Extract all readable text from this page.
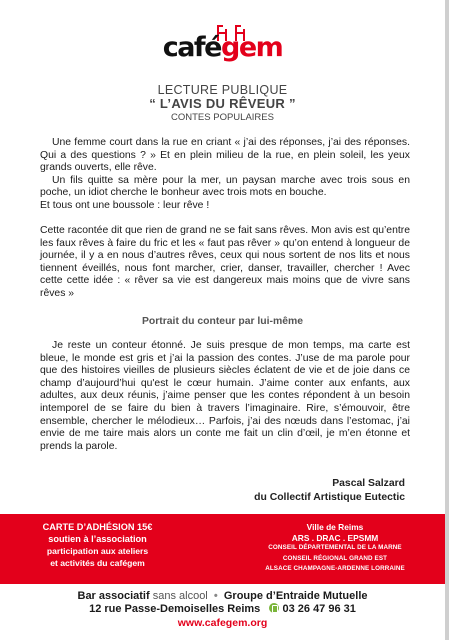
cafégem
LECTURE PUBLIQUE
“ L’AVIS DU RÊVEUR ”
CONTES POPULAIRES

Une femme court dans la rue en criant « j’ai des réponses, j’ai des réponses. Qui a des questions ? » Et en plein milieu de la rue, en plein soleil, les yeux grands ouverts, elle rêve.

Un fils quitte sa mère pour la mer, un paysan marche avec trois sous en poche, un idiot cherche le bonheur avec trois mots en bouche.

Et tous ont une boussole : leur rêve !

Cette racontée dit que rien de grand ne se fait sans rêves. Mon avis est qu’entre les faux rêves à faire du fric et les « faut pas rêver » qu’on entend à longueur de journée, il y a en nous d’autres rêves, ceux qui nous sortent de nos lits et nous tiennent éveillés, nous font marcher, crier, danser, travailler, chercher ! Avec cette cette idée : « rêver sa vie est dangereux mais moins que de vivre sans rêves »

Portrait du conteur par lui-même

Je reste un conteur étonné. Je suis presque de mon temps, ma carte est bleue, le monde est gris et j’ai la passion des contes. J’use de ma parole pour que des histoires vieilles de plusieurs siècles éclatent de vie et de joie dans ce champ d’aujourd’hui qu'est le cœur humain. J’aime conter aux enfants, aux adultes, aux deux réunis, j’aime penser que les contes répondent à un besoin intemporel de se faire du bien à travers l’imaginaire. Rire, s’émouvoir, être ensemble, chercher le mélodieux… Parfois, j’ai des nœuds dans l’estomac, j’ai envie de me taire mais alors un conte me fait un clin d’œil, je m’en étonne et prends la parole.

Pascal Salzard
du Collectif Artistique Eutectic
CARTE D’ADHÉSION 15€
soutien à l’association
participation aux ateliers
et activités du cafégem
Ville de Reims
ARS . DRAC . EPSMM
CONSEIL DÉPARTEMENTAL DE LA MARNE
CONSEIL RÉGIONAL GRAND EST
ALSACE CHAMPAGNE-ARDENNE LORRAINE
Bar associatif sans alcool • Groupe d’Entraide Mutuelle
12 rue Passe-Demoiselles Reims 03 26 47 96 31
www.cafegem.org
